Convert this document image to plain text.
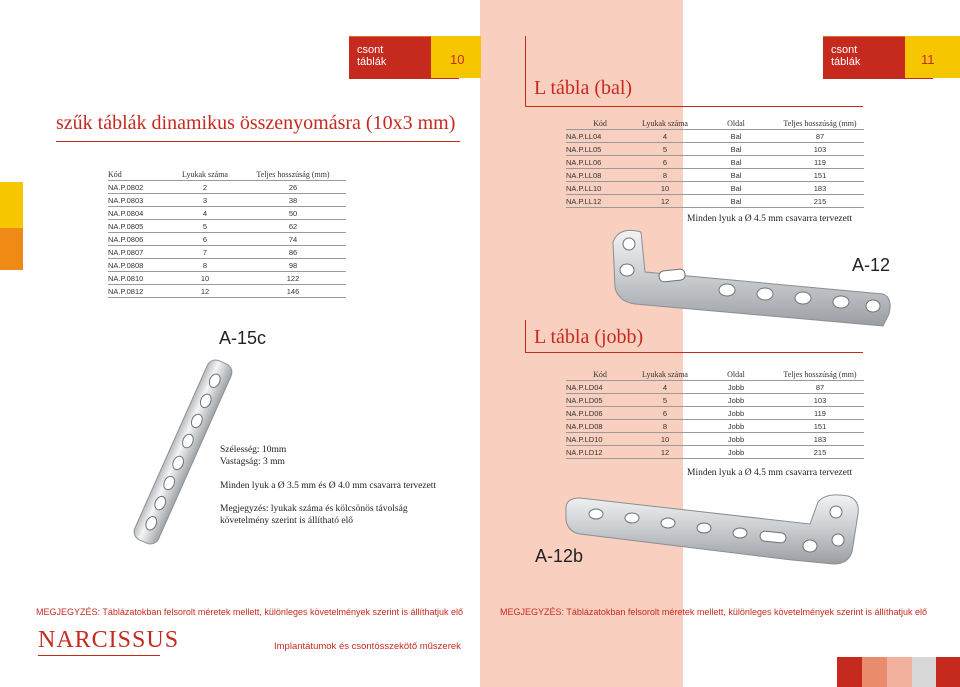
csont
táblák	10
szűk táblák dinamikus összenyomásra (10x3 mm)
Kód	Lyukak száma	Teljes hosszúság (mm)
NA.P.0802	2	26
NA.P.0803	3	38
NA.P.0804	4	50
NA.P.0805	5	62
NA.P.0806	6	74
NA.P.0807	7	86
NA.P.0808	8	98
NA.P.0810	10	122
NA.P.0812	12	146
A-15c
Szélesség: 10mm
Vastagság: 3 mm
Minden lyuk a Ø 3.5 mm és Ø 4.0 mm csavarra tervezett
Megjegyzés: lyukak száma és kölcsönös távolság
követelmény szerint is állítható elő
MEGJEGYZÉS: Táblázatokban felsorolt méretek mellett, különleges követelmények szerint is állíthatjuk elő
NARCISSUS	Implantátumok és csontösszekötő műszerek
csont
táblák	11
L tábla (bal)
Kód	Lyukak száma	Oldal	Teljes hosszúság (mm)
NA.P.LL04	4	Bal	87
NA.P.LL05	5	Bal	103
NA.P.LL06	6	Bal	119
NA.P.LL08	8	Bal	151
NA.P.LL10	10	Bal	183
NA.P.LL12	12	Bal	215
Minden lyuk a Ø 4.5 mm csavarra tervezett
A-12
L tábla (jobb)
Kód	Lyukak száma	Oldal	Teljes hosszúság (mm)
NA.P.LD04	4	Jobb	87
NA.P.LD05	5	Jobb	103
NA.P.LD06	6	Jobb	119
NA.P.LD08	8	Jobb	151
NA.P.LD10	10	Jobb	183
NA.P.LD12	12	Jobb	215
Minden lyuk a Ø 4.5 mm csavarra tervezett
A-12b
MEGJEGYZÉS: Táblázatokban felsorolt méretek mellett, különleges követelmények szerint is állíthatjuk elő
